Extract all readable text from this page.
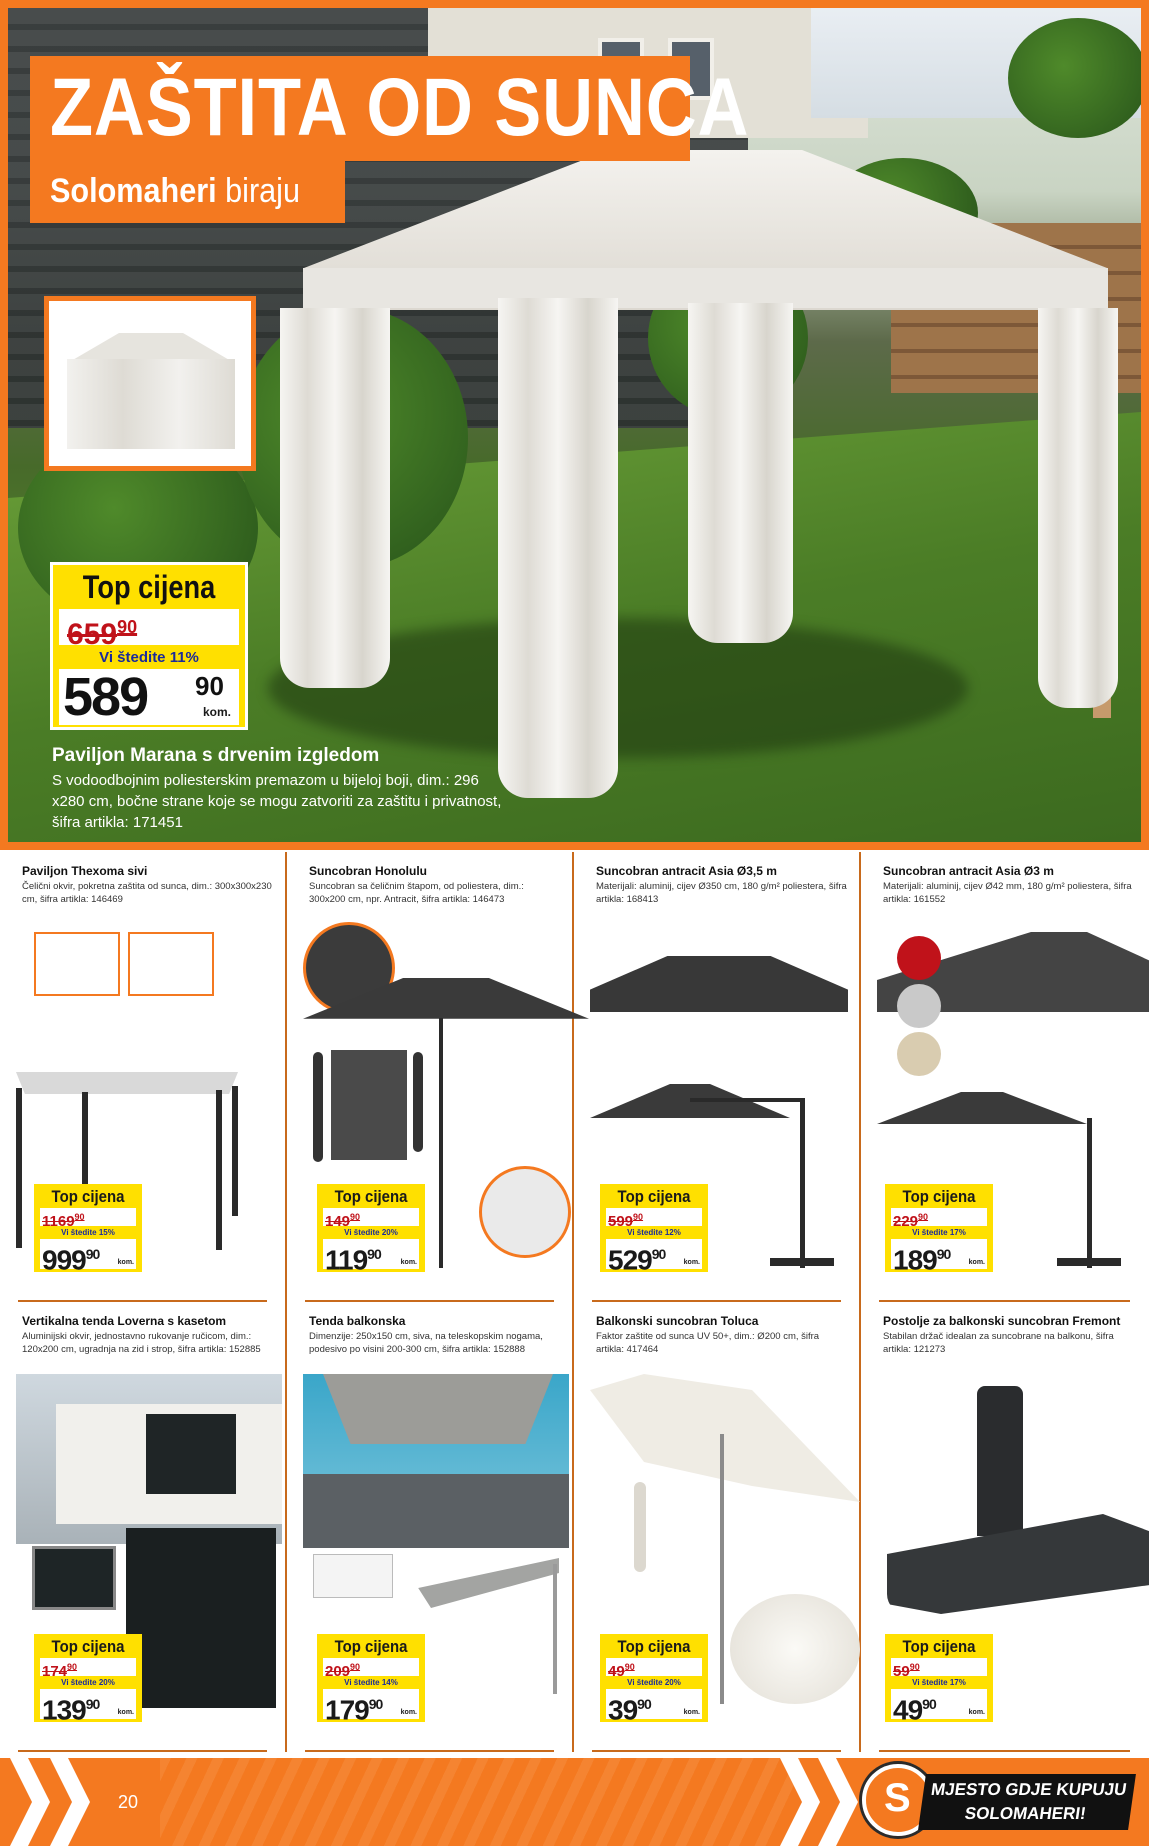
ZAŠTITA OD SUNCA
Solomaheri biraju
Top cijena
$659^{90}$
Vi štedite 11%
589 90
kom.
Paviljon Marana s drvenim izgledom
S vodoodbojnim poliesterskim premazom u bijeloj boji, dim.: 296 x280 cm, bočne strane koje se mogu zatvoriti za zaštitu i privatnost, šifra artikla: 171451
Paviljon Thexoma sivi
Čelični okvir, pokretna zaštita od sunca, dim.: 300x300x230 cm, šifra artikla: 146469
Top cijena
1169$^{90}$
Vi štedite 15%
$999^{90}$
kom.
Suncobran Honolulu
Suncobran sa čeličnim štapom, od poliestera, dim.: 300x200 cm, npr. Antracit, šifra artikla: 146473
Top cijena
$149^{90}$
Vi štedite 20%
$119^{90}$
kom.
Suncobran antracit Asia Ø3,5 m
Materijali: aluminij, cijev Ø350 cm, 180 g/m² poliestera, šifra artikla: 168413
Top cijena
$599^{90}$
Vi štedite 12%
$529^{90}$
kom.
Suncobran antracit Asia Ø3 m
Materijali: aluminij, cijev Ø42 mm, 180 g/m² poliestera, šifra artikla: 161552
Top cijena
$229^{90}$
Vi štedite 17%
$189^{90}$
kom.
Vertikalna tenda Loverna s kasetom
Aluminijski okvir, jednostavno rukovanje ručicom, dim.: 120x200 cm, ugradnja na zid i strop, šifra artikla: 152885
Top cijena
$174^{90}$
Vi štedite 20%
$139^{90}$
kom.
Tenda balkonska
Dimenzije: 250x150 cm, siva, na teleskopskim nogama, podesivo po visini 200-300 cm, šifra artikla: 152888
Top cijena
$209^{90}$
Vi štedite 14%
$179^{90}$
kom.
Balkonski suncobran Toluca
Faktor zaštite od sunca UV 50+, dim.: Ø200 cm, šifra artikla: 417464
Top cijena
$49^{90}$
Vi štedite 20%
$39^{90}$
kom.
Postolje za balkonski suncobran Fremont
Stabilan držač idealan za suncobrane na balkonu, šifra artikla: 121273
Top cijena
$59^{90}$
Vi štedite 17%
$49^{90}$
kom.
20	S	MJESTO GDJE KUPUJU
SOLOMAHERI!
